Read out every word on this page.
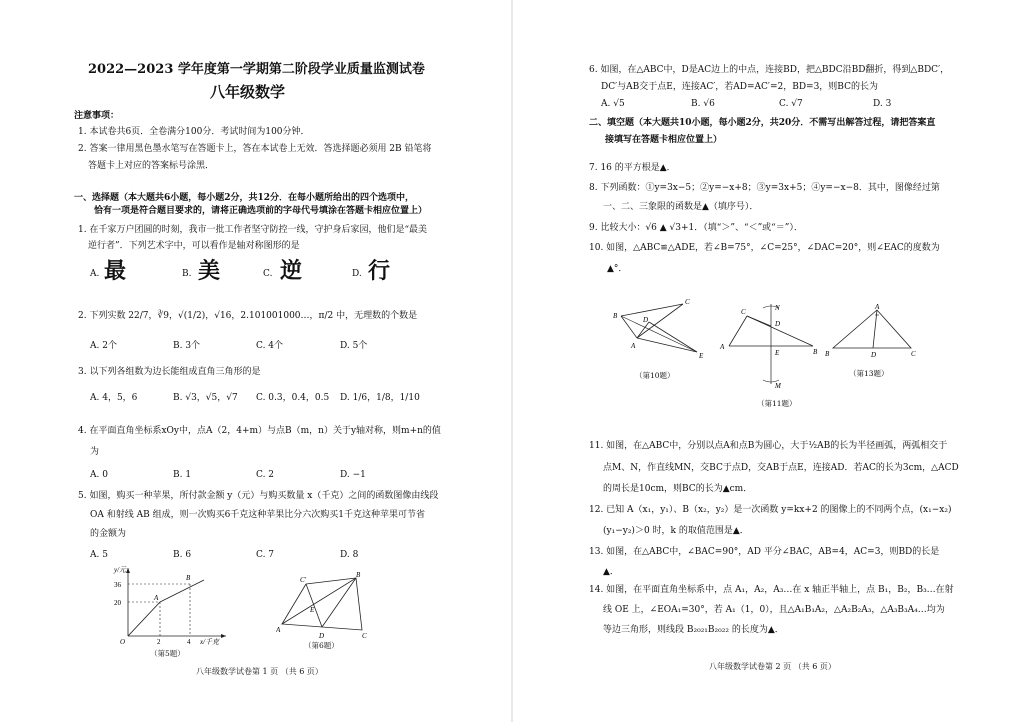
2022—2023 学年度第一学期第二阶段学业质量监测试卷
八年级数学
注意事项：
1. 本试卷共6页．全卷满分100分．考试时间为100分钟．
2. 答案一律用黑色墨水笔写在答题卡上，答在本试卷上无效．答选择题必须用 2B 铅笔将
答题卡上对应的答案标号涂黑．
一、选择题（本大题共6小题，每小题2分，共12分．在每小题所给出的四个选项中，
恰有一项是符合题目要求的，请将正确选项前的字母代号填涂在答题卡相应位置上）
1. 在千家万户团圆的时刻，我市一批工作者坚守防控一线，守护身后家园，他们是“最美
逆行者”．下列艺术字中，可以看作是轴对称图形的是
A. 最	B. 美	C. 逆	D. 行
2. 下列实数 22/7，∛9，√(1/2)，√16，2.101001000…，π/2 中，无理数的个数是
A. 2个	B. 3个	C. 4个	D. 5个
3. 以下列各组数为边长能组成直角三角形的是
A. 4，5，6	B. √3，√5，√7 C. 0.3，0.4，0.5 D. 1/6，1/8，1/10
4. 在平面直角坐标系xOy中，点A（2，4+m）与点B（m，n）关于y轴对称，则m+n的值
为
A. 0	B. 1	C. 2	D. −1
5. 如图，购买一种苹果，所付款金额 y（元）与购买数量 x（千克）之间的函数图像由线段
OA 和射线 AB 组成，则一次购买6千克这种苹果比分六次购买1千克这种苹果可节省
的金额为
A. 5	B. 6	C. 7	D. 8
y/元
36
20
2	4 x/千克
O
A
B
（第5题）
A
B
C
D
E
C′
（第6题）
八年级数学试卷第 1 页 （共 6 页）
6. 如图，在△ABC中，D是AC边上的中点，连接BD，把△BDC沿BD翻折，得到△BDC′，
DC′与AB交于点E，连接AC′，若AD=AC′=2，BD=3，则BC的长为
A. √5	B. √6	C. √7	D. 3
二、填空题（本大题共10小题，每小题2分，共20分．不需写出解答过程，请把答案直
接填写在答题卡相应位置上）
7. 16 的平方根是▲．
8. 下列函数：①y=3x−5；②y=−x+8；③y=3x+5；④y=−x−8．其中，图像经过第
一、二、三象限的函数是▲（填序号）．
9. 比较大小：√6 ▲ √3+1．（填“＞”、“＜”或“＝”）．
10. 如图，△ABC≌△ADE，若∠B=75°，∠C=25°，∠DAC=20°，则∠EAC的度数为
▲°．
B
C
D
A
E
（第10题）
A
B
C
D
E
N
M
（第11题）
A
B	C
D
（第13题）
11. 如图，在△ABC中，分别以点A和点B为圆心，大于½AB的长为半径画弧，两弧相交于
点M、N，作直线MN，交BC于点D，交AB于点E，连接AD．若AC的长为3cm，△ACD
的周长是10cm，则BC的长为▲cm．
12. 已知 A（x₁，y₁）、B（x₂，y₂）是一次函数 y=kx+2 的图像上的不同两个点，(x₁−x₂)
(y₁−y₂)＞0 时，k 的取值范围是▲．
13. 如图，在△ABC中，∠BAC=90°，AD 平分∠BAC，AB=4，AC=3，则BD的长是
▲．
14. 如图，在平面直角坐标系中，点 A₁，A₂，A₃…在 x 轴正半轴上，点 B₁，B₂，B₃…在射
线 OE 上，∠EOA₁=30°，若 A₁（1，0），且△A₁B₁A₂，△A₂B₂A₃，△A₃B₃A₄…均为
等边三角形，则线段 B₂₀₂₁B₂₀₂₂ 的长度为▲．
八年级数学试卷第 2 页 （共 6 页）
